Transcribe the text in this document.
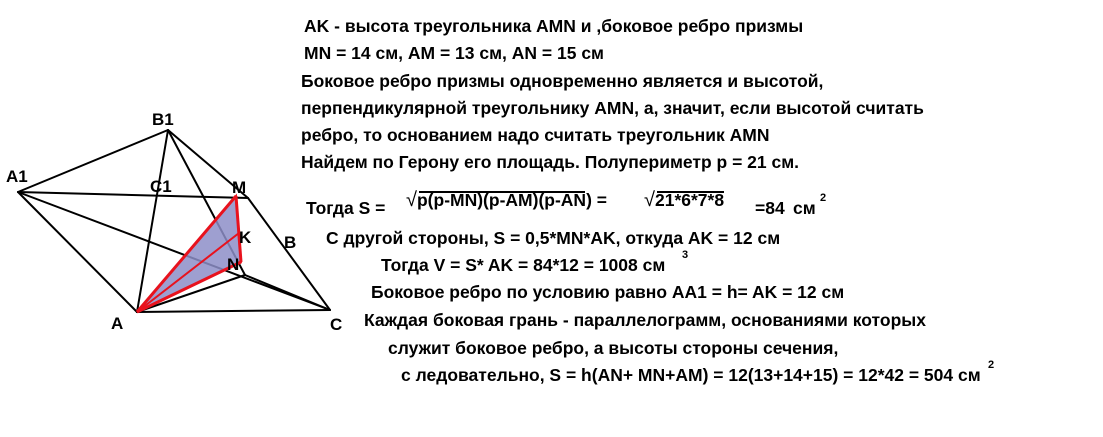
B1
A1
C1	M
K B
N
A	C
AK - высота треугольника AMN и ,боковое ребро призмы
MN = 14 см, AM = 13 см, AN = 15 см
Боковое ребро призмы одновременно является и высотой,
перпендикулярной треугольнику AMN, а, значит, если высотой считать
ребро, то основанием надо считать треугольник AMN
Найдем по Герону его площадь. Полупериметр р = 21 см.
Тогда S = √p(p-MN)(p-AM)(p-AN) = √21*6*7*8 =84 см 2
С другой стороны, S = 0,5*MN*AK, откуда AK = 12 см
Тогда V = S* AK = 84*12 = 1008 см 3
Боковое ребро по условию равно AA1 = h= AK = 12 см
Каждая боковая грань - параллелограмм, основаниями которых
служит боковое ребро, а высоты стороны сечения,
с ледовательно, S = h(AN+ MN+AM) = 12(13+14+15) = 12*42 = 504 см 2
